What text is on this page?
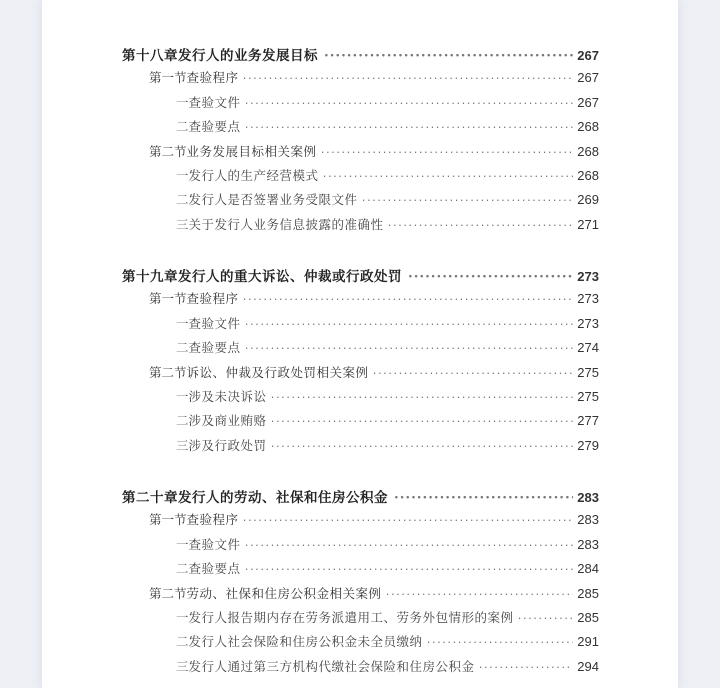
第十八章 发行人的业务发展目标 ·····	267
第一节 查验程序 ·····	267
一 查验文件 ·····	267
二 查验要点 ·····	268
第二节 业务发展目标相关案例 ·····	268
一 发行人的生产经营模式 ·····	268
二 发行人是否签署业务受限文件 ·····	269
三 关于发行人业务信息披露的准确性 ·····	271
第十九章 发行人的重大诉讼、仲裁或行政处罚 ·····	273
第一节 查验程序 ·····	273
一 查验文件 ·····	273
二 查验要点 ·····	274
第二节 诉讼、仲裁及行政处罚相关案例 ·····	275
一 涉及未决诉讼 ·····	275
二 涉及商业贿赂 ·····	277
三 涉及行政处罚 ·····	279
第二十章 发行人的劳动、社保和住房公积金 ·····	283
第一节 查验程序 ·····	283
一 查验文件 ·····	283
二 查验要点 ·····	284
第二节 劳动、社保和住房公积金相关案例 ·····	285
一 发行人报告期内存在劳务派遣用工、劳务外包情形的案例 ·····	285
二 发行人社会保险和住房公积金未全员缴纳 ·····	291
三 发行人通过第三方机构代缴社会保险和住房公积金 ·····	294
